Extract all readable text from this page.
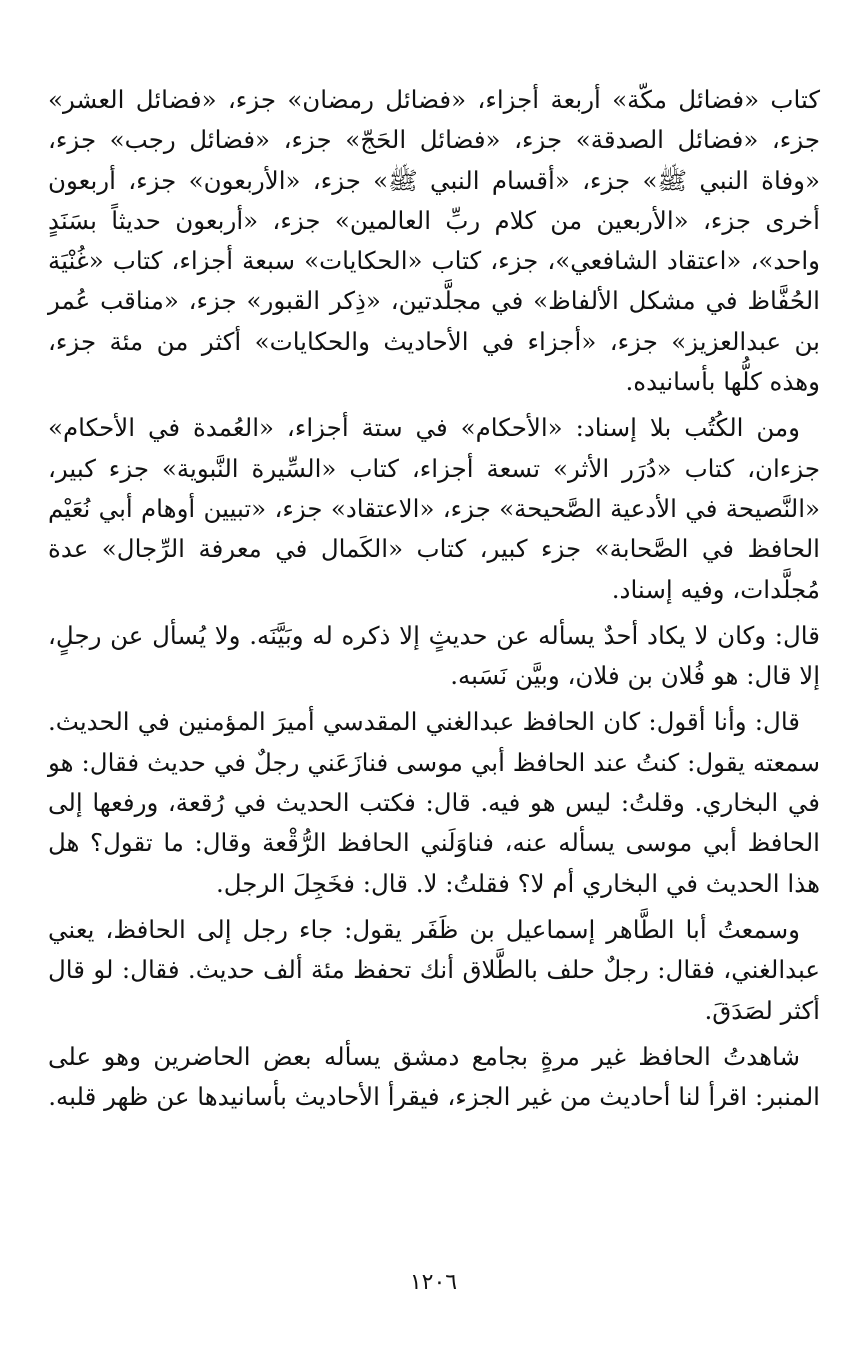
كتاب «فضائل مكّة» أربعة أجزاء، «فضائل رمضان» جزء، «فضائل العشر» جزء، «فضائل الصدقة» جزء، «فضائل الحَجّ» جزء، «فضائل رجب» جزء، «وفاة النبي ﷺ» جزء، «أقسام النبي ﷺ» جزء، «الأربعون» جزء، أربعون أخرى جزء، «الأربعين من كلام ربِّ العالمين» جزء، «أربعون حديثاً بسَنَدٍ واحد»، «اعتقاد الشافعي»، جزء، كتاب «الحكايات» سبعة أجزاء، كتاب «غُنْيَة الحُفَّاظ في مشكل الألفاظ» في مجلَّدتين، «ذِكر القبور» جزء، «مناقب عُمر بن عبدالعزيز» جزء، «أجزاء في الأحاديث والحكايات» أكثر من مئة جزء، وهذه كلُّها بأسانيده.

ومن الكُتُب بلا إسناد: «الأحكام» في ستة أجزاء، «العُمدة في الأحكام» جزءان، كتاب «دُرَر الأثر» تسعة أجزاء، كتاب «السِّيرة النَّبوية» جزء كبير، «النَّصيحة في الأدعية الصَّحيحة» جزء، «الاعتقاد» جزء، «تبيين أوهام أبي نُعَيْم الحافظ في الصَّحابة» جزء كبير، كتاب «الكَمال في معرفة الرِّجال» عدة مُجلَّدات، وفيه إسناد.

قال: وكان لا يكاد أحدٌ يسأله عن حديثٍ إلا ذكره له وبَيَّنَه. ولا يُسأل عن رجلٍ، إلا قال: هو فُلان بن فلان، وبيَّن نَسَبه.

قال: وأنا أقول: كان الحافظ عبدالغني المقدسي أميرَ المؤمنين في الحديث. سمعته يقول: كنتُ عند الحافظ أبي موسى فنازَعَني رجلٌ في حديث فقال: هو في البخاري. وقلتُ: ليس هو فيه. قال: فكتب الحديث في رُقعة، ورفعها إلى الحافظ أبي موسى يسأله عنه، فناوَلَني الحافظ الرُّقْعة وقال: ما تقول؟ هل هذا الحديث في البخاري أم لا؟ فقلتُ: لا. قال: فخَجِلَ الرجل.

وسمعتُ أبا الطَّاهر إسماعيل بن ظَفَر يقول: جاء رجل إلى الحافظ، يعني عبدالغني، فقال: رجلٌ حلف بالطَّلاق أنك تحفظ مئة ألف حديث. فقال: لو قال أكثر لصَدَقَ.

شاهدتُ الحافظ غير مرةٍ بجامع دمشق يسأله بعض الحاضرين وهو على المنبر: اقرأ لنا أحاديث من غير الجزء، فيقرأ الأحاديث بأسانيدها عن ظهر قلبه.

١٢٠٦
